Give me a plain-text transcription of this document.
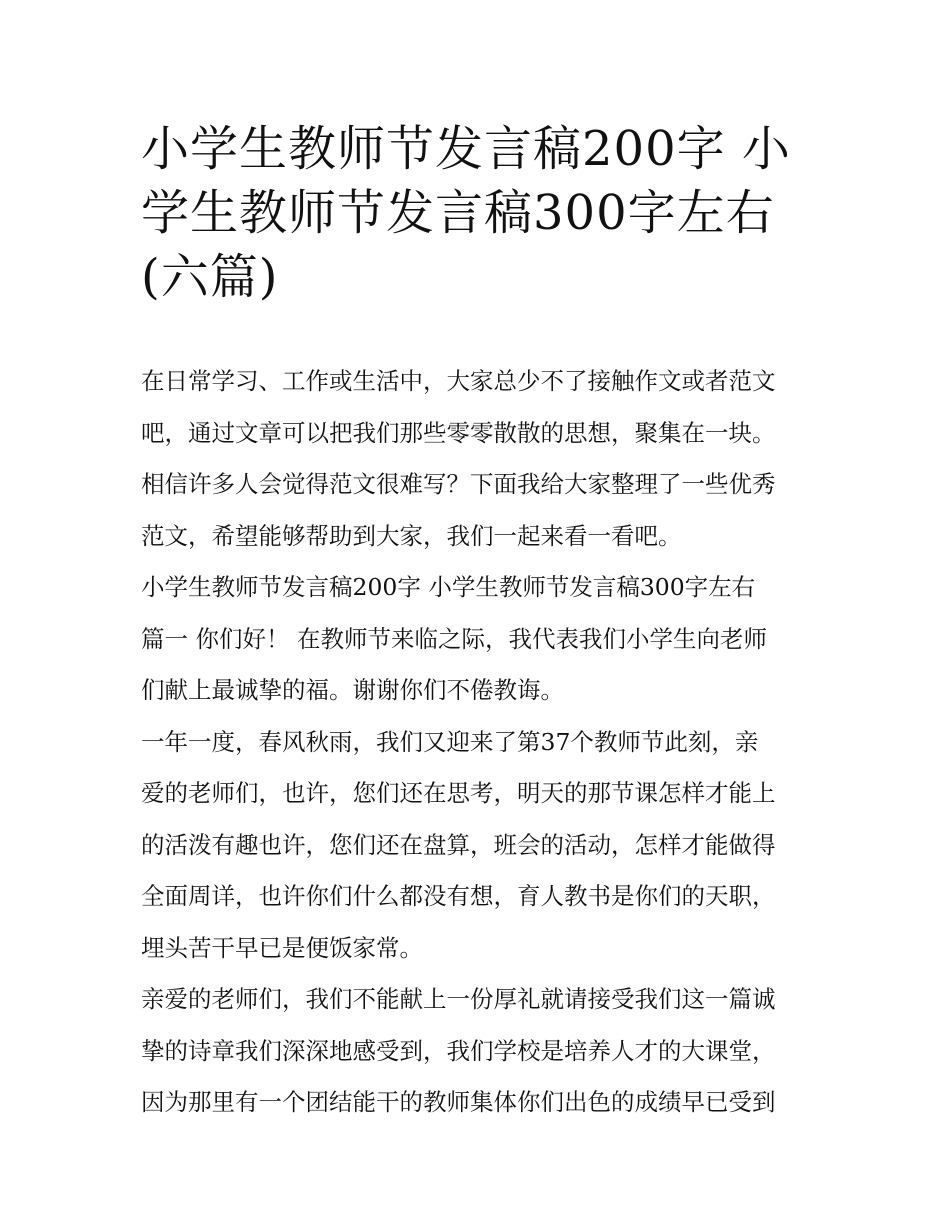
小学生教师节发言稿200字 小
学生教师节发言稿300字左右
(六篇)
在日常学习、工作或生活中，大家总少不了接触作文或者范文
吧，通过文章可以把我们那些零零散散的思想，聚集在一块。
相信许多人会觉得范文很难写？下面我给大家整理了一些优秀
范文，希望能够帮助到大家，我们一起来看一看吧。
小学生教师节发言稿200字 小学生教师节发言稿300字左右
篇一 你们好！ 在教师节来临之际，我代表我们小学生向老师
们献上最诚挚的福。谢谢你们不倦教诲。
一年一度，春风秋雨，我们又迎来了第37个教师节此刻，亲
爱的老师们，也许，您们还在思考，明天的那节课怎样才能上
的活泼有趣也许，您们还在盘算，班会的活动，怎样才能做得
全面周详，也许你们什么都没有想，育人教书是你们的天职，
埋头苦干早已是便饭家常。
亲爱的老师们，我们不能献上一份厚礼就请接受我们这一篇诚
挚的诗章我们深深地感受到，我们学校是培养人才的大课堂，
因为那里有一个团结能干的教师集体你们出色的成绩早已受到
